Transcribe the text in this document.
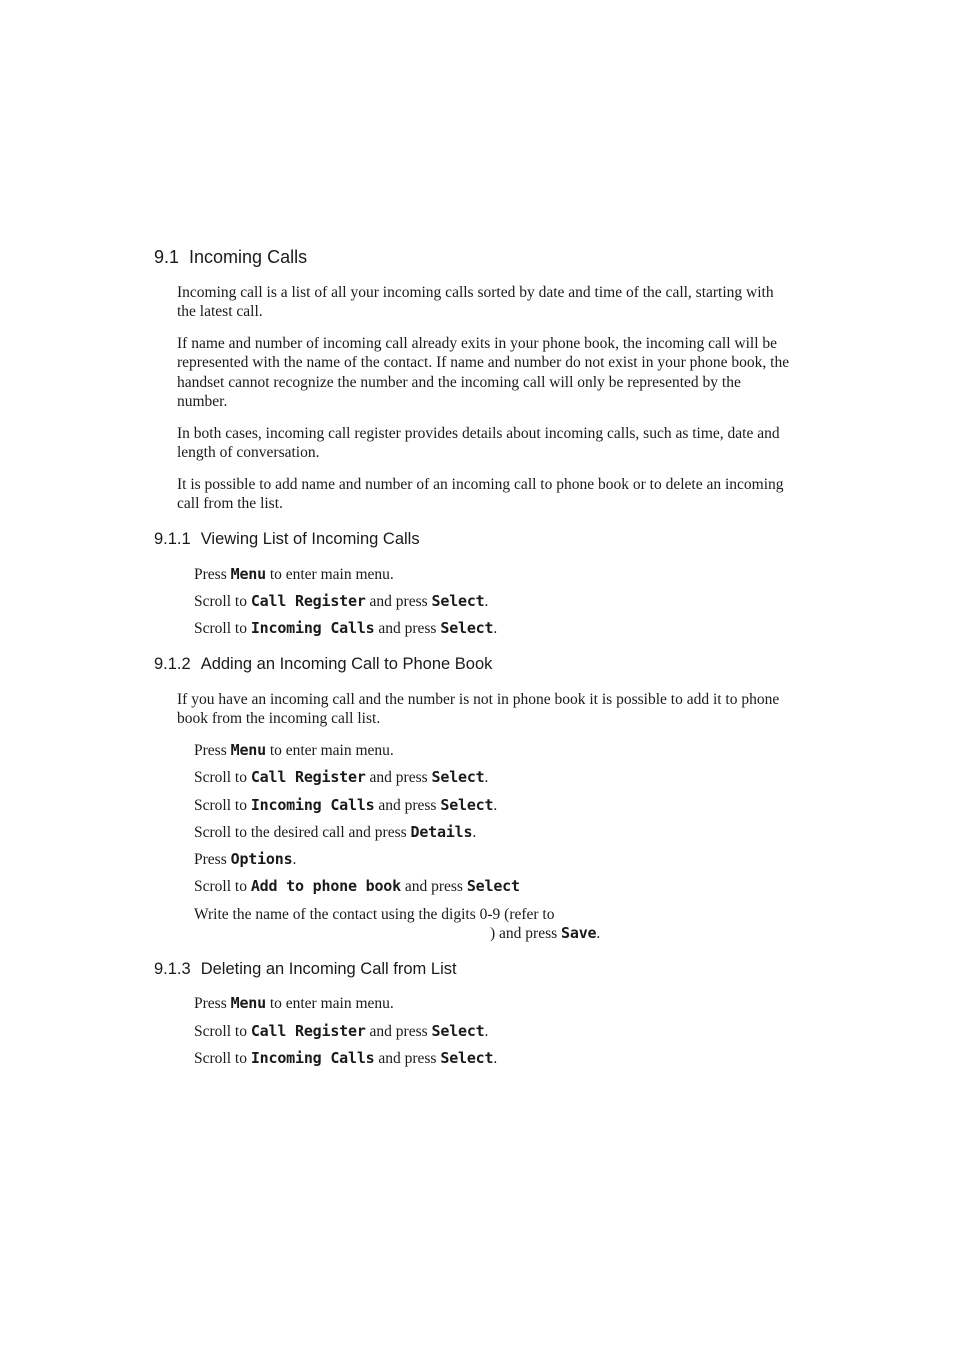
9.1 Incoming Calls

Incoming call is a list of all your incoming calls sorted by date and time of the call, starting with the latest call.

If name and number of incoming call already exits in your phone book, the incoming call will be represented with the name of the contact. If name and number do not exist in your phone book, the handset cannot recognize the number and the incoming call will only be represented by the number.

In both cases, incoming call register provides details about incoming calls, such as time, date and length of conversation.

It is possible to add name and number of an incoming call to phone book or to delete an incoming call from the list.

9.1.1 Viewing List of Incoming Calls

Press Menu to enter main menu.

Scroll to Call Register and press Select.

Scroll to Incoming Calls and press Select.

9.1.2 Adding an Incoming Call to Phone Book

If you have an incoming call and the number is not in phone book it is possible to add it to phone book from the incoming call list.

Press Menu to enter main menu.

Scroll to Call Register and press Select.

Scroll to Incoming Calls and press Select.

Scroll to the desired call and press Details.

Press Options.

Scroll to Add to phone book and press Select

Write the name of the contact using the digits 0-9 (refer to

) and press Save.

9.1.3 Deleting an Incoming Call from List

Press Menu to enter main menu.

Scroll to Call Register and press Select.

Scroll to Incoming Calls and press Select.
